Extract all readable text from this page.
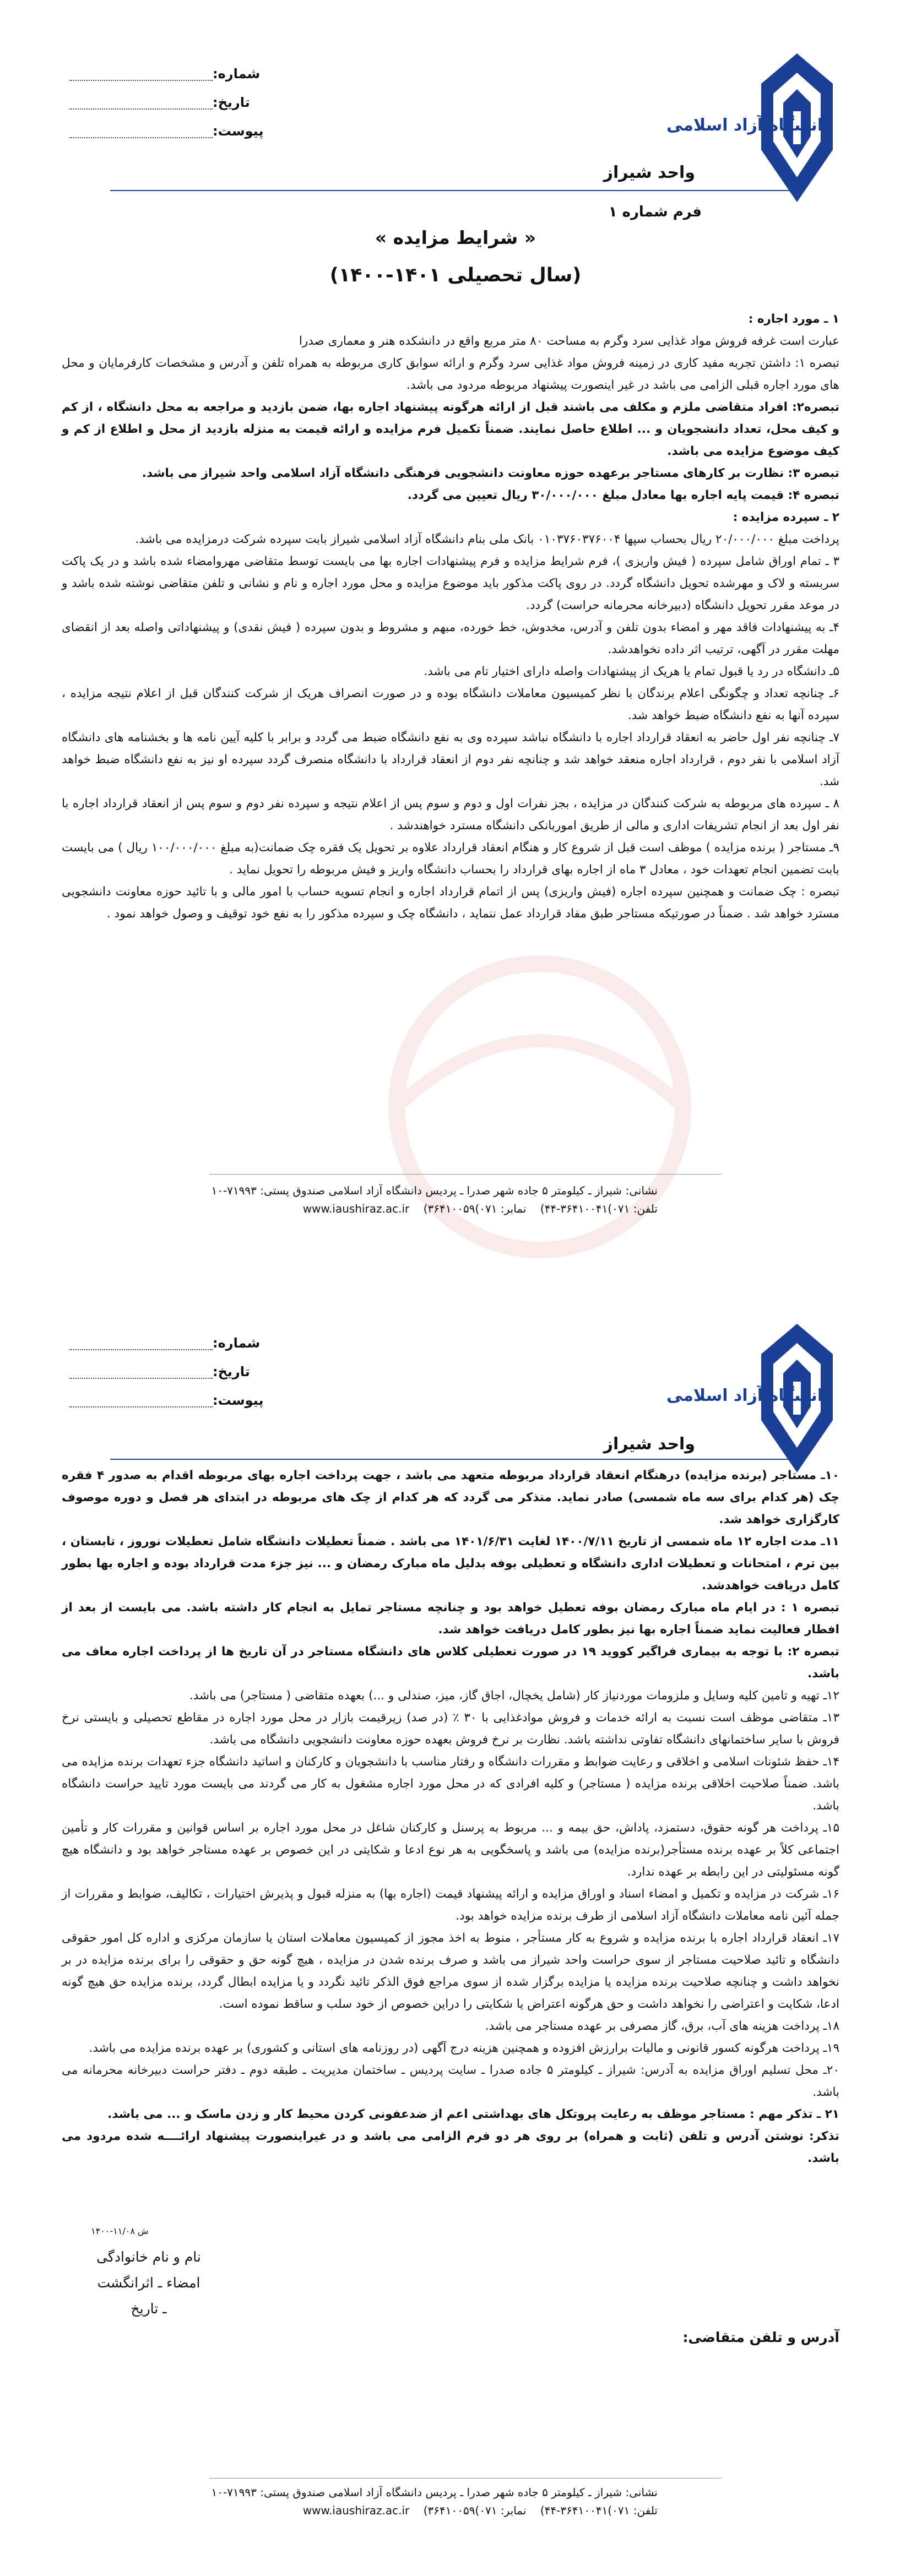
دانشگاه آزاد اسلامی
شماره:
تاریخ:
پیوست:
واحد شیراز
فرم شماره ۱
« شرایط مزایده »
(سال تحصیلی ۱۴۰۱-۱۴۰۰)

۱ ـ مورد اجاره :

عبارت است غرفه فروش مواد غذایی سرد وگرم به مساحت ۸۰ متر مربع واقع در دانشکده هنر و معماری صدرا

تبصره ۱: داشتن تجربه مفید کاری در زمینه فروش مواد غذایی سرد وگرم و ارائه سوابق کاری مربوطه به همراه تلفن و آدرس و مشخصات کارفرمایان و محل های مورد اجاره قبلی الزامی می باشد در غیر اینصورت پیشنهاد مربوطه مردود می باشد.

تبصره۲: افراد متقاضی ملزم و مکلف می باشند قبل از ارائه هرگونه پیشنهاد اجاره بها، ضمن بازدید و مراجعه به محل دانشگاه ، از کم و کیف محل، تعداد دانشجویان و ... اطلاع حاصل نمایند. ضمناً تکمیل فرم مزایده و ارائه قیمت به منزله بازدید از محل و اطلاع از کم و کیف موضوع مزایده می باشد.

تبصره ۳: نظارت بر کارهای مستاجر برعهده حوزه معاونت دانشجویی فرهنگی دانشگاه آزاد اسلامی واحد شیراز می باشد.

تبصره ۴: قیمت پایه اجاره بها معادل مبلغ ۳۰/۰۰۰/۰۰۰ ریال تعیین می گردد.

۲ ـ سپرده مزایده :

پرداخت مبلغ ۲۰/۰۰۰/۰۰۰ ریال بحساب سپها ۰۱۰۳۷۶۰۳۷۶۰۰۴ بانک ملی بنام دانشگاه آزاد اسلامی شیراز بابت سپرده شرکت درمزایده می باشد.

۳ ـ تمام اوراق شامل سپرده ( فیش واریزی )، فرم شرایط مزایده و فرم پیشنهادات اجاره بها می بایست توسط متقاضی مهروامضاء شده باشد و در یک پاکت سربسته و لاک و مهرشده تحویل دانشگاه گردد. در روی پاکت مذکور باید موضوع مزایده و محل مورد اجاره و نام و نشانی و تلفن متقاضی نوشته شده باشد و در موعد مقرر تحویل دانشگاه (دبیرخانه محرمانه حراست) گردد.

۴ـ به پیشنهادات فاقد مهر و امضاء بدون تلفن و آدرس، مخدوش، خط خورده، مبهم و مشروط و بدون سپرده ( فیش نقدی) و پیشنهاداتی واصله بعد از انقضای مهلت مقرر در آگهی، ترتیب اثر داده نخواهدشد.

۵ـ دانشگاه در رد یا قبول تمام یا هریک از پیشنهادات واصله دارای اختیار تام می باشد.

۶ـ چنانچه تعداد و چگونگی اعلام برندگان با نظر کمیسیون معاملات دانشگاه بوده و در صورت انصراف هریک از شرکت کنندگان قبل از اعلام نتیجه مزایده ، سپرده آنها به نفع دانشگاه ضبط خواهد شد.

۷ـ چنانچه نفر اول حاضر به انعقاد قرارداد اجاره با دانشگاه نباشد سپرده وی به نفع دانشگاه ضبط می گردد و برابر با کلیه آیین نامه ها و بخشنامه های دانشگاه آزاد اسلامی با نفر دوم ، قرارداد اجاره منعقد خواهد شد و چنانچه نفر دوم از انعقاد قرارداد با دانشگاه منصرف گردد سپرده او نیز به نفع دانشگاه ضبط خواهد شد.

۸ ـ سپرده های مربوطه به شرکت کنندگان در مزایده ، بجز نفرات اول و دوم و سوم پس از اعلام نتیجه و سپرده نفر دوم و سوم پس از انعقاد قرارداد اجاره با نفر اول بعد از انجام تشریفات اداری و مالی از طریق اموربانکی دانشگاه مسترد خواهندشد .

۹ـ مستاجر ( برنده مزایده ) موظف است قبل از شروع کار و هنگام انعقاد قرارداد علاوه بر تحویل یک فقره چک ضمانت(به مبلغ ۱۰۰/۰۰۰/۰۰۰ ریال ) می بایست بابت تضمین انجام تعهدات خود ، معادل ۳ ماه از اجاره بهای قرارداد را بحساب دانشگاه واریز و فیش مربوطه را تحویل نماید .

تبصره : چک ضمانت و همچنین سپرده اجاره (فیش واریزی) پس از اتمام قرارداد اجاره و انجام تسویه حساب با امور مالی و با تائید حوزه معاونت دانشجویی مسترد خواهد شد . ضمناً در صورتیکه مستاجر طبق مفاد قرارداد عمل ننماید ، دانشگاه چک و سپرده مذکور را به نفع خود توقیف و وصول خواهد نمود .

نشانی: شیراز ـ کیلومتر ۵ جاده شهر صدرا ـ پردیس دانشگاه آزاد اسلامی صندوق پستی: ۷۱۹۹۳-۱۰
تلفن: ۰۷۱)۳۶۴۱۰۰۴۱-۴۴)    نمابر: ۰۷۱)۳۶۴۱۰۰۵۹)    www.iaushiraz.ac.ir
دانشگاه آزاد اسلامی
شماره:
تاریخ:
پیوست:
واحد شیراز

۱۰ـ مستاجر (برنده مزایده) درهنگام انعقاد قرارداد مربوطه متعهد می باشد ، جهت پرداخت اجاره بهای مربوطه اقدام به صدور ۴ فقره چک (هر کدام برای سه ماه شمسی) صادر نماید. منذکر می گردد که هر کدام از چک های مربوطه در ابتدای هر فصل و دوره موصوف کارگزاری خواهد شد.

۱۱ـ مدت اجاره ۱۲ ماه شمسی از تاریخ ۱۴۰۰/۷/۱۱ لغایت ۱۴۰۱/۶/۳۱ می باشد . ضمناً تعطیلات دانشگاه شامل تعطیلات نوروز ، تابستان ، بین ترم ، امتحانات و تعطیلات اداری دانشگاه و تعطیلی بوفه بدلیل ماه مبارک رمضان و ... نیز جزء مدت قرارداد بوده و اجاره بها بطور کامل دریافت خواهدشد.

تبصره ۱ : در ایام ماه مبارک رمضان بوفه تعطیل خواهد بود و چنانچه مستاجر تمایل به انجام کار داشته باشد. می بایست از بعد از افطار فعالیت نماید ضمناً اجاره بها نیز بطور کامل دریافت خواهد شد.

تبصره ۲: با توجه به بیماری فراگیر کووید ۱۹ در صورت تعطیلی کلاس های دانشگاه مستاجر در آن تاریخ ها از پرداخت اجاره معاف می باشد.

۱۲ـ تهیه و تامین کلیه وسایل و ملزومات موردنیاز کار (شامل یخچال، اجاق گاز، میز، صندلی و ...) بعهده متقاضی ( مستاجر) می باشد.

۱۳ـ متقاضی موظف است نسبت به ارائه خدمات و فروش موادغذایی با ۳۰ ٪ (در صد) زیرقیمت بازار در محل مورد اجاره در مقاطع تحصیلی و بایستی نرخ فروش با سایر ساختمانهای دانشگاه تفاوتی نداشته باشد. نظارت بر نرخ فروش بعهده حوزه معاونت دانشجویی دانشگاه می باشد.

۱۴ـ حفظ شئونات اسلامی و اخلاقی و رعایت ضوابط و مقررات دانشگاه و رفتار مناسب با دانشجویان و کارکنان و اساتید دانشگاه جزء تعهدات برنده مزایده می باشد. ضمناً صلاحیت اخلاقی برنده مزایده ( مستاجر) و کلیه افرادی که در محل مورد اجاره مشغول به کار می گردند می بایست مورد تایید حراست دانشگاه باشد.

۱۵ـ پرداخت هر گونه حقوق، دستمزد، پاداش، حق بیمه و ... مربوط به پرسنل و کارکنان شاغل در محل مورد اجاره بر اساس قوانین و مقررات کار و تأمین اجتماعی کلاً بر عهده برنده مستأجر(برنده مزایده) می باشد و پاسخگویی به هر نوع ادعا و شکایتی در این خصوص بر عهده مستاجر خواهد بود و دانشگاه هیچ گونه مسئولیتی در این رابطه بر عهده ندارد.

۱۶ـ شرکت در مزایده و تکمیل و امضاء اسناد و اوراق مزایده و ارائه پیشنهاد قیمت (اجاره بها) به منزله قبول و پذیرش اختیارات ، تکالیف، ضوابط و مقررات از جمله آئین نامه معاملات دانشگاه آزاد اسلامی از طرف برنده مزایده خواهد بود.

۱۷ـ انعقاد قرارداد اجاره با برنده مزایده و شروع به کار مستأجر ، منوط به اخذ مجوز از کمیسیون معاملات استان یا سازمان مرکزی و اداره کل امور حقوقی دانشگاه و تائید صلاحیت مستاجر از سوی حراست واحد شیراز می باشد و صرف برنده شدن در مزایده ، هیچ گونه حق و حقوقی را برای برنده مزایده در بر نخواهد داشت و چنانچه صلاحیت برنده مزایده یا مزایده برگزار شده از سوی مراجع فوق الذکر تائید نگردد و یا مزایده ابطال گردد، برنده مزایده حق هیچ گونه ادعا، شکایت و اعتراضی را نخواهد داشت و حق هرگونه اعتراض یا شکایتی را دراین خصوص از خود سلب و ساقط نموده است.

۱۸ـ پرداخت هزینه های آب، برق، گاز مصرفی بر عهده مستاجر می باشد.

۱۹ـ پرداخت هرگونه کسور قانونی و مالیات برارزش افزوده و همچنین هزینه درج آگهی (در روزنامه های استانی و کشوری) بر عهده برنده مزایده می باشد.

۲۰ـ محل تسلیم اوراق مزایده به آدرس: شیراز ـ کیلومتر ۵ جاده صدرا ـ سایت پردیس ـ ساختمان مدیریت ـ طبقه دوم ـ دفتر حراست دبیرخانه محرمانه می باشد.

۲۱ ـ تذکر مهم : مستاجر موظف به رعایت پروتکل های بهداشتی اعم از ضدعفونی کردن محیط کار و زدن ماسک و ... می باشد.

تذکر: نوشتن آدرس و تلفن (ثابت و همراه) بر روی هر دو فرم الزامی می باشد و در غیراینصورت پیشنهاد ارائــــه شده مردود می باشد.

ش ۱۱/۰۸-۱۴۰۰
نام و نام خانوادگی
امضاء ـ اثرانگشت ـ تاریخ
آدرس و تلفن متقاضی:
نشانی: شیراز ـ کیلومتر ۵ جاده شهر صدرا ـ پردیس دانشگاه آزاد اسلامی صندوق پستی: ۷۱۹۹۳-۱۰
تلفن: ۰۷۱)۳۶۴۱۰۰۴۱-۴۴)    نمابر: ۰۷۱)۳۶۴۱۰۰۵۹)    www.iaushiraz.ac.ir
